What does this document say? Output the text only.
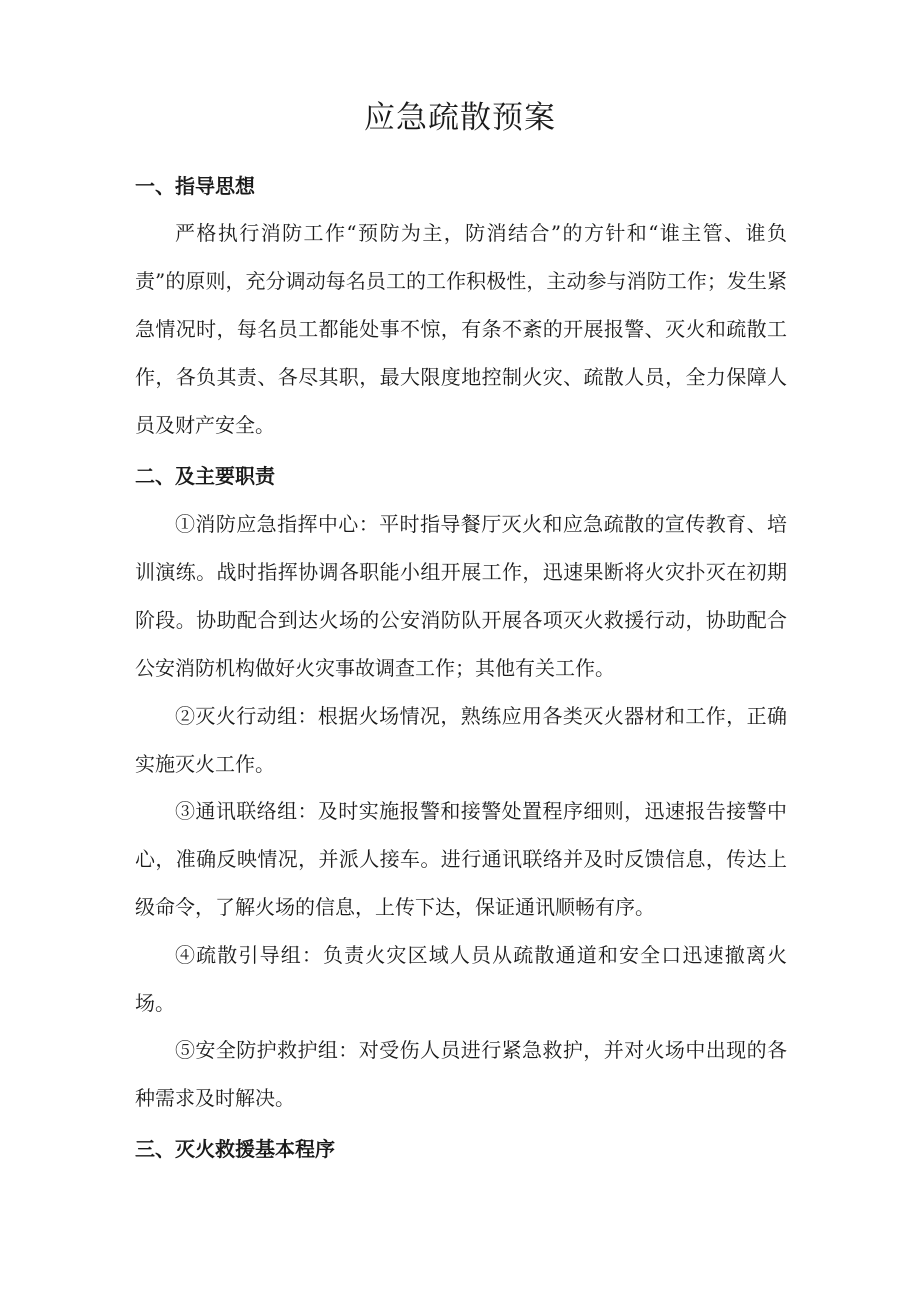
应急疏散预案
一、指导思想

严格执行消防工作“预防为主，防消结合”的方针和“谁主管、谁负责”的原则，充分调动每名员工的工作积极性，主动参与消防工作；发生紧急情况时，每名员工都能处事不惊，有条不紊的开展报警、灭火和疏散工作，各负其责、各尽其职，最大限度地控制火灾、疏散人员，全力保障人员及财产安全。

二、及主要职责

①消防应急指挥中心：平时指导餐厅灭火和应急疏散的宣传教育、培训演练。战时指挥协调各职能小组开展工作，迅速果断将火灾扑灭在初期阶段。协助配合到达火场的公安消防队开展各项灭火救援行动，协助配合公安消防机构做好火灾事故调查工作；其他有关工作。

②灭火行动组：根据火场情况，熟练应用各类灭火器材和工作，正确实施灭火工作。

③通讯联络组：及时实施报警和接警处置程序细则，迅速报告接警中心，准确反映情况，并派人接车。进行通讯联络并及时反馈信息，传达上级命令，了解火场的信息，上传下达，保证通讯顺畅有序。

④疏散引导组：负责火灾区域人员从疏散通道和安全口迅速撤离火场。

⑤安全防护救护组：对受伤人员进行紧急救护，并对火场中出现的各种需求及时解决。

三、灭火救援基本程序
